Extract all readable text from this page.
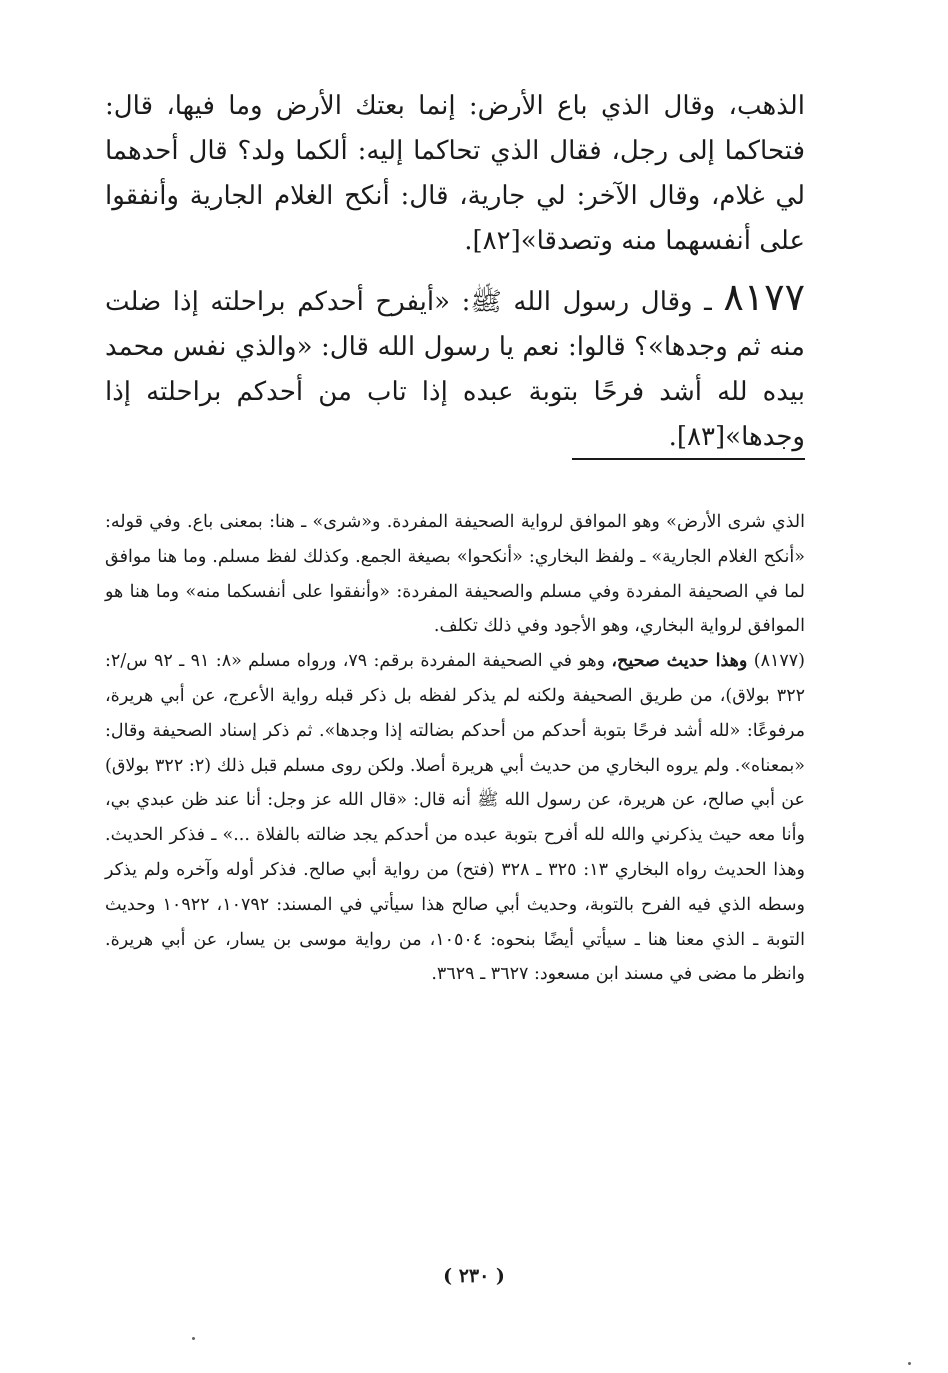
الذهب، وقال الذي باع الأرض: إنما بعتك الأرض وما فيها، قال: فتحاكما إلى رجل، فقال الذي تحاكما إليه: ألكما ولد؟ قال أحدهما لي غلام، وقال الآخر: لي جارية، قال: أنكح الغلام الجارية وأنفقوا على أنفسهما منه وتصدقا»[٨٢].

٨١٧٧ ـ وقال رسول الله ﷺ: «أيفرح أحدكم براحلته إذا ضلت منه ثم وجدها»؟ قالوا: نعم يا رسول الله قال: «والذي نفس محمد بيده لله أشد فرحًا بتوبة عبده إذا تاب من أحدكم براحلته إذا وجدها»[٨٣].

الذي شرى الأرض» وهو الموافق لرواية الصحيفة المفردة. و«شرى» ـ هنا: بمعنى باع. وفي قوله: «أنكح الغلام الجارية» ـ ولفظ البخاري: «أنكحوا» بصيغة الجمع. وكذلك لفظ مسلم. وما هنا موافق لما في الصحيفة المفردة وفي مسلم والصحيفة المفردة: «وأنفقوا على أنفسكما منه» وما هنا هو الموافق لرواية البخاري، وهو الأجود وفي ذلك تكلف.

(٨١٧٧) وهذا حديث صحيح، وهو في الصحيفة المفردة برقم: ٧٩، ورواه مسلم «٨: ٩١ ـ ٩٢ س/٢: ٣٢٢ بولاق)، من طريق الصحيفة ولكنه لم يذكر لفظه بل ذكر قبله رواية الأعرج، عن أبي هريرة، مرفوعًا: «لله أشد فرحًا بتوبة أحدكم من أحدكم بضالته إذا وجدها». ثم ذكر إسناد الصحيفة وقال: «بمعناه». ولم يروه البخاري من حديث أبي هريرة أصلا. ولكن روى مسلم قبل ذلك (٢: ٣٢٢ بولاق) عن أبي صالح، عن هريرة، عن رسول الله ﷺ أنه قال: «قال الله عز وجل: أنا عند ظن عبدي بي، وأنا معه حيث يذكرني والله لله أفرح بتوبة عبده من أحدكم يجد ضالته بالفلاة ...» ـ فذكر الحديث. وهذا الحديث رواه البخاري ١٣: ٣٢٥ ـ ٣٢٨ (فتح) من رواية أبي صالح. فذكر أوله وآخره ولم يذكر وسطه الذي فيه الفرح بالتوبة، وحديث أبي صالح هذا سيأتي في المسند: ١٠٧٩٢، ١٠٩٢٢ وحديث التوبة ـ الذي معنا هنا ـ سيأتي أيضًا بنحوه: ١٠٥٠٤، من رواية موسى بن يسار، عن أبي هريرة. وانظر ما مضى في مسند ابن مسعود: ٣٦٢٧ ـ ٣٦٢٩.

( ٢٣٠ )
